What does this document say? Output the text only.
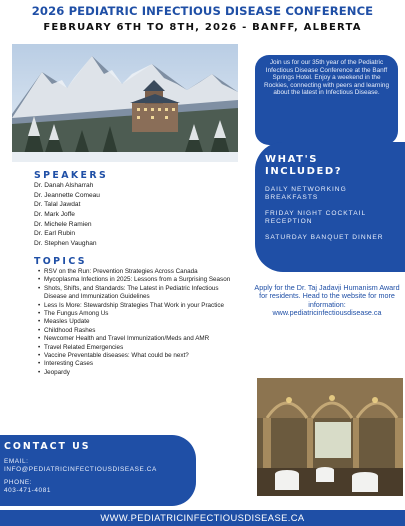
2026 PEDIATRIC INFECTIOUS DISEASE CONFERENCE
FEBRUARY 6TH TO 8TH, 2026 - BANFF, ALBERTA

Join us for our 35th year of the Pediatric Infectious Disease Conference at the Banff Springs Hotel. Enjoy a weekend in the Rockies, connecting with peers and learning about the latest in Infectious Disease.

WHAT'S
INCLUDED?
DAILY NETWORKING BREAKFASTS
FRIDAY NIGHT COCKTAIL RECEPTION
SATURDAY BANQUET DINNER
SPEAKERS
Dr. Danah Alsharrah
Dr. Jeannette Comeau
Dr. Talal Jawdat
Dr. Mark Joffe
Dr. Michele Ramien
Dr. Earl Rubin
Dr. Stephen Vaughan
TOPICS
• RSV on the Run: Prevention Strategies Across Canada
• Mycoplasma Infections in 2025: Lessons from a Surprising Season
• Shots, Shifts, and Standards: The Latest in Pediatric Infectious Disease and Immunization Guidelines
• Less Is More: Stewardship Strategies That Work in your Practice
• The Fungus Among Us
• Measles Update
• Childhood Rashes
• Newcomer Health and Travel Immunization/Meds and AMR
• Travel Related Emergencies
• Vaccine Preventable diseases: What could be next?
• Interesting Cases
• Jeopardy

Apply for the Dr. Taj Jadavji Humanism Award for residents. Head to the website for more information:

www.pediatricinfectiousdisease.ca

CONTACT US
EMAIL:
INFO@PEDIATRICINFECTIOUSDISEASE.CA
PHONE:
403-471-4081
WWW.PEDIATRICINFECTIOUSDISEASE.CA
